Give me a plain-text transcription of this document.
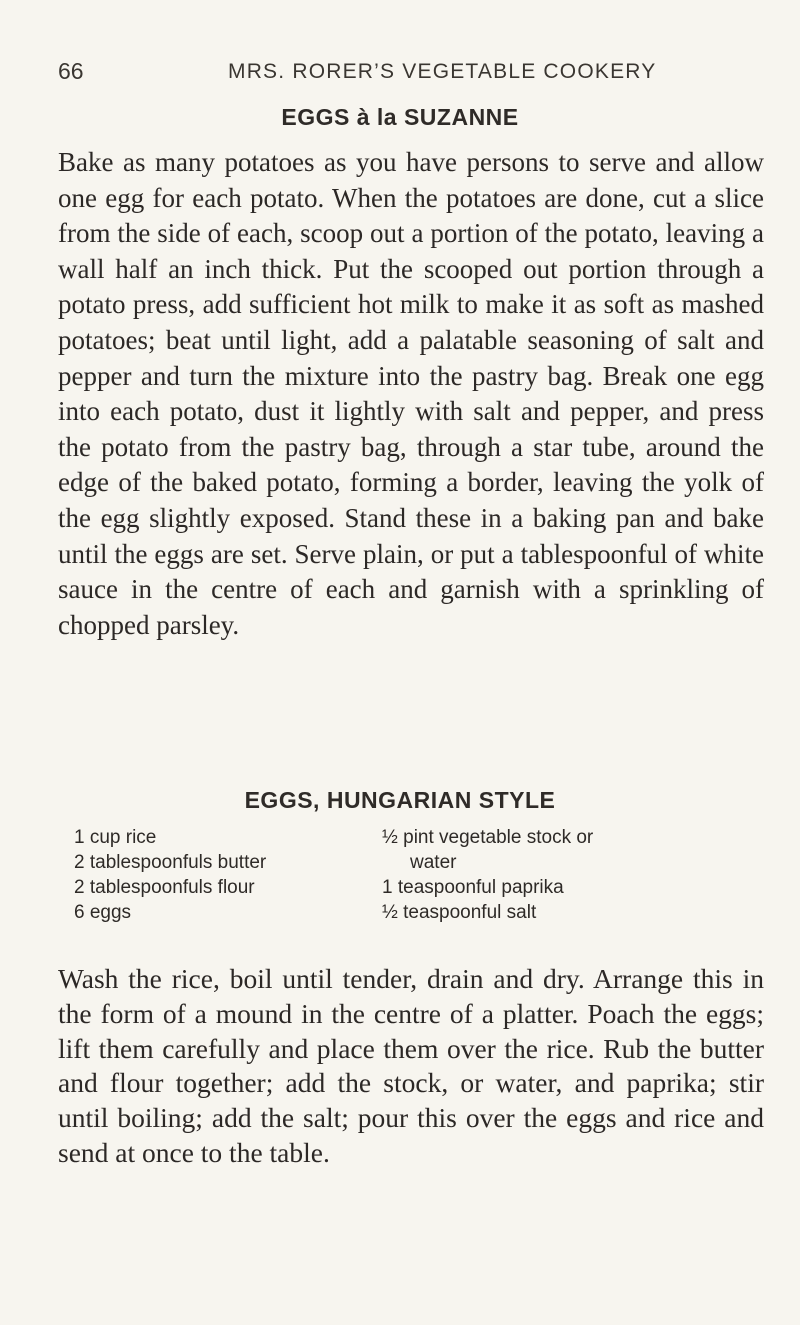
66	MRS. RORER’S VEGETABLE COOKERY
EGGS à la SUZANNE

Bake as many potatoes as you have persons to serve and allow one egg for each potato. When the potatoes are done, cut a slice from the side of each, scoop out a portion of the potato, leaving a wall half an inch thick. Put the scooped out portion through a potato press, add sufficient hot milk to make it as soft as mashed potatoes; beat until light, add a palatable seasoning of salt and pepper and turn the mixture into the pastry bag. Break one egg into each potato, dust it lightly with salt and pepper, and press the potato from the pastry bag, through a star tube, around the edge of the baked potato, forming a border, leaving the yolk of the egg slightly exposed. Stand these in a baking pan and bake until the eggs are set. Serve plain, or put a tablespoonful of white sauce in the centre of each and garnish with a sprinkling of chopped parsley.

EGGS, HUNGARIAN STYLE
1 cup rice
2 tablespoonfuls butter
2 tablespoonfuls flour
6 eggs
½ pint vegetable stock or
water
1 teaspoonful paprika
½ teaspoonful salt

Wash the rice, boil until tender, drain and dry. Arrange this in the form of a mound in the centre of a platter. Poach the eggs; lift them carefully and place them over the rice. Rub the butter and flour together; add the stock, or water, and paprika; stir until boiling; add the salt; pour this over the eggs and rice and send at once to the table.
